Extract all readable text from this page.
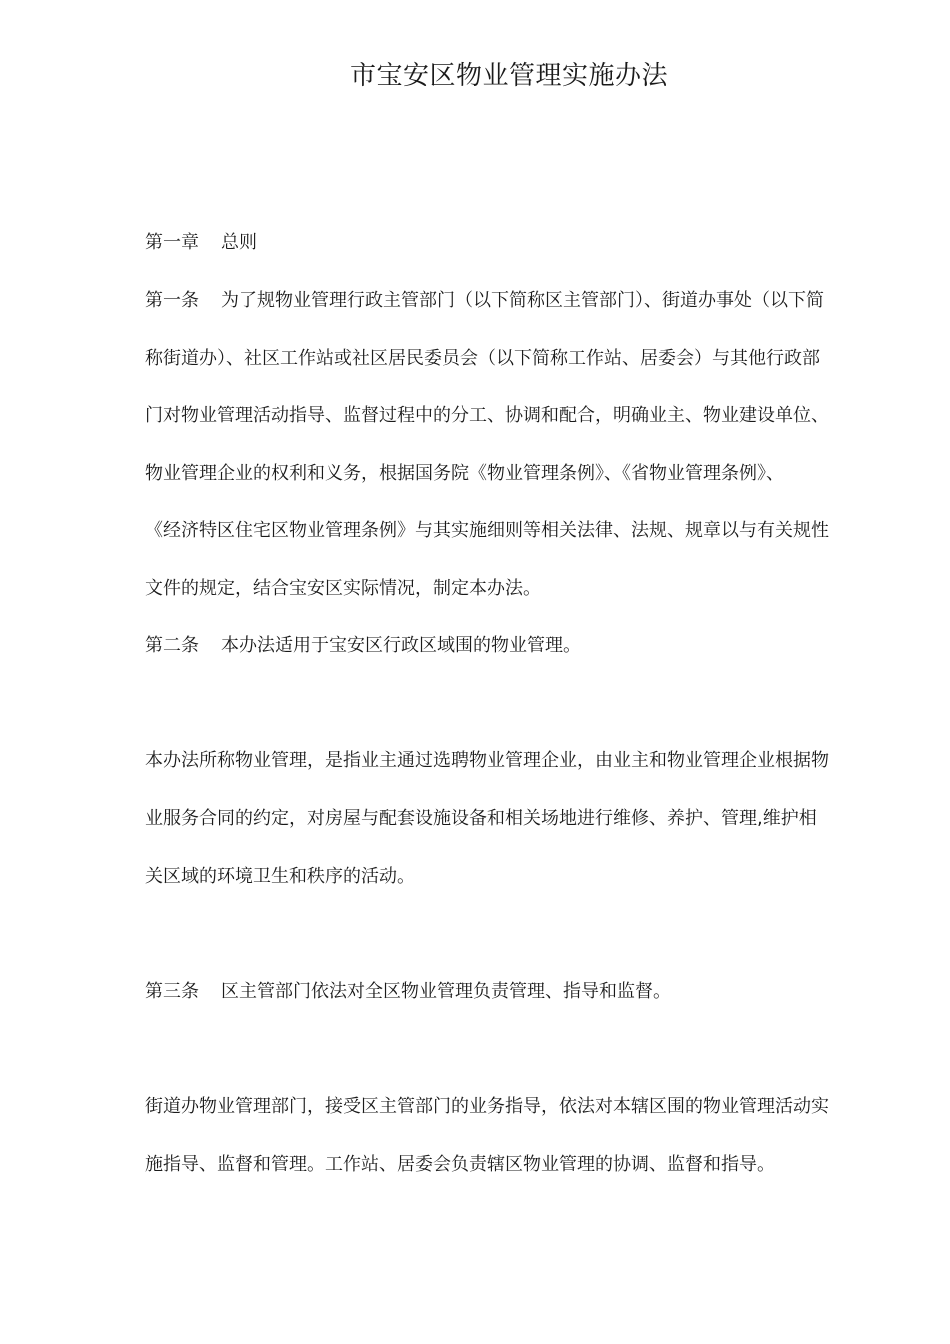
市宝安区物业管理实施办法
第一章 总则
第一条 为了规物业管理行政主管部门（以下简称区主管部门）、街道办事处（以下简
称街道办）、社区工作站或社区居民委员会（以下简称工作站、居委会）与其他行政部
门对物业管理活动指导、监督过程中的分工、协调和配合，明确业主、物业建设单位、
物业管理企业的权利和义务，根据国务院《物业管理条例》、《省物业管理条例》、
《经济特区住宅区物业管理条例》与其实施细则等相关法律、法规、规章以与有关规性
文件的规定，结合宝安区实际情况，制定本办法。
第二条 本办法适用于宝安区行政区域围的物业管理。
本办法所称物业管理，是指业主通过选聘物业管理企业，由业主和物业管理企业根据物
业服务合同的约定，对房屋与配套设施设备和相关场地进行维修、养护、管理,维护相
关区域的环境卫生和秩序的活动。
第三条 区主管部门依法对全区物业管理负责管理、指导和监督。
街道办物业管理部门，接受区主管部门的业务指导，依法对本辖区围的物业管理活动实
施指导、监督和管理。工作站、居委会负责辖区物业管理的协调、监督和指导。
